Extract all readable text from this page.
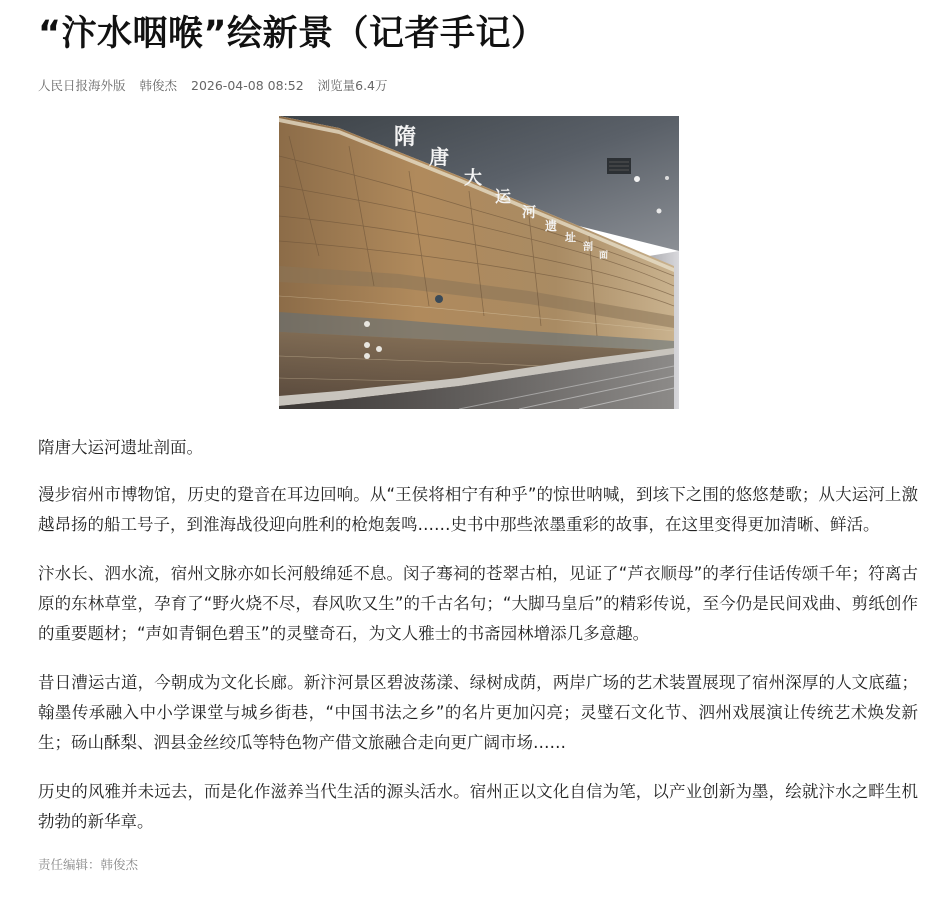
“汴水咽喉”绘新景（记者手记）
人民日报海外版 韩俊杰 2026-04-08 08:52 浏览量6.4万
隋
唐
大
运
河
遗
址
剖
面
隋唐大运河遗址剖面。

漫步宿州市博物馆，历史的跫音在耳边回响。从“王侯将相宁有种乎”的惊世呐喊，到垓下之围的悠悠楚歌；从大运河上激越昂扬的船工号子，到淮海战役迎向胜利的枪炮轰鸣……史书中那些浓墨重彩的故事，在这里变得更加清晰、鲜活。

汴水长、泗水流，宿州文脉亦如长河般绵延不息。闵子骞祠的苍翠古柏，见证了“芦衣顺母”的孝行佳话传颂千年；符离古原的东林草堂，孕育了“野火烧不尽，春风吹又生”的千古名句；“大脚马皇后”的精彩传说，至今仍是民间戏曲、剪纸创作的重要题材；“声如青铜色碧玉”的灵璧奇石，为文人雅士的书斋园林增添几多意趣。

昔日漕运古道，今朝成为文化长廊。新汴河景区碧波荡漾、绿树成荫，两岸广场的艺术装置展现了宿州深厚的人文底蕴；翰墨传承融入中小学课堂与城乡街巷，“中国书法之乡”的名片更加闪亮；灵璧石文化节、泗州戏展演让传统艺术焕发新生；砀山酥梨、泗县金丝绞瓜等特色物产借文旅融合走向更广阔市场……

历史的风雅并未远去，而是化作滋养当代生活的源头活水。宿州正以文化自信为笔，以产业创新为墨，绘就汴水之畔生机勃勃的新华章。

责任编辑：韩俊杰
